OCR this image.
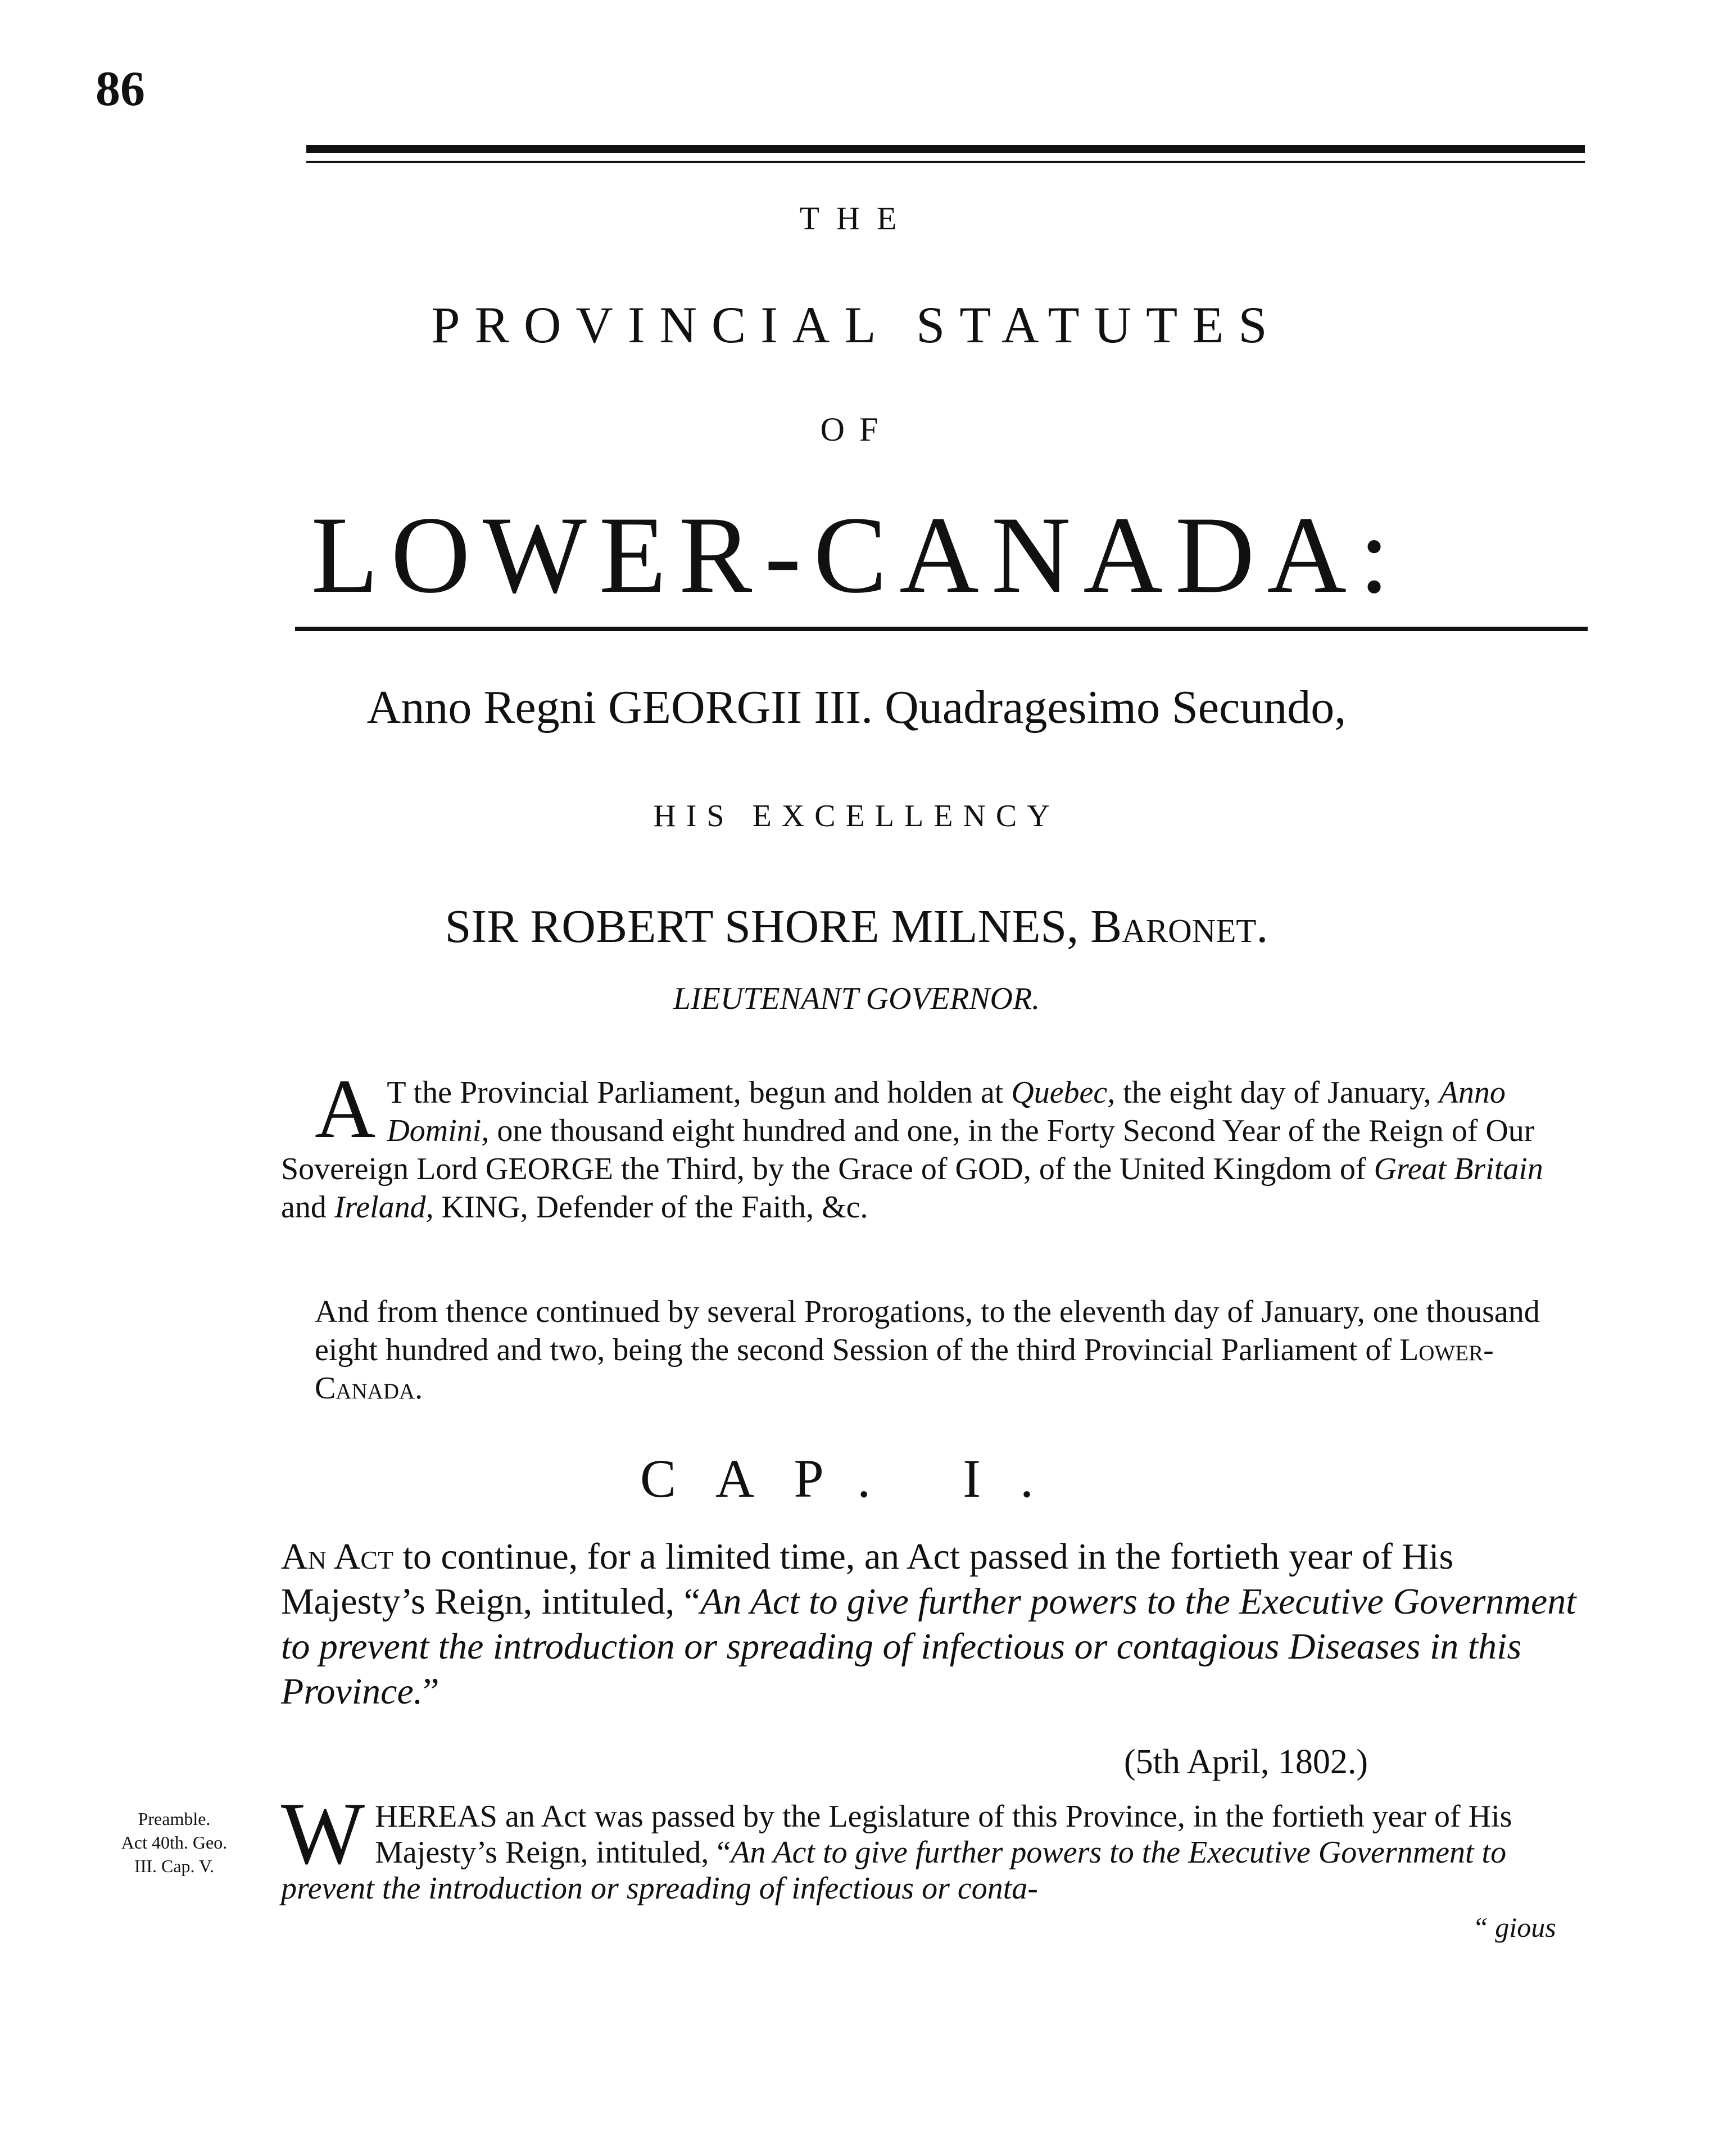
86
THE
PROVINCIAL STATUTES
OF
LOWER-CANADA:
Anno Regni GEORGII III. Quadragesimo Secundo,
HIS EXCELLENCY
SIR ROBERT SHORE MILNES, Baronet.
LIEUTENANT GOVERNOR.
A T the Provincial Parliament, begun and holden at Quebec, the eight day of January, Anno Domini, one thousand eight hundred and one, in the Forty Second Year of the Reign of Our Sovereign Lord GEORGE the Third, by the Grace of GOD, of the United Kingdom of Great Britain and Ireland, KING, Defender of the Faith, &c.

And from thence continued by several Prorogations, to the eleventh day of January, one thousand eight hundred and two, being the second Session of the third Provincial Parliament of Lower-Canada.

CAP. I.
An Act to continue, for a limited time, an Act passed in the fortieth year of His Majesty’s Reign, intituled, “An Act to give further powers to the Executive Government to prevent the introduction or spreading of infectious or contagious Diseases in this Province.”
(5th April, 1802.)
Preamble.
Act 40th. Geo.
III. Cap. V. W HEREAS an Act was passed by the Legislature of this Province, in the fortieth year of His Majesty’s Reign, intituled, “An Act to give further powers to the Executive Government to prevent the introduction or spreading of infectious or conta-
“ gious
